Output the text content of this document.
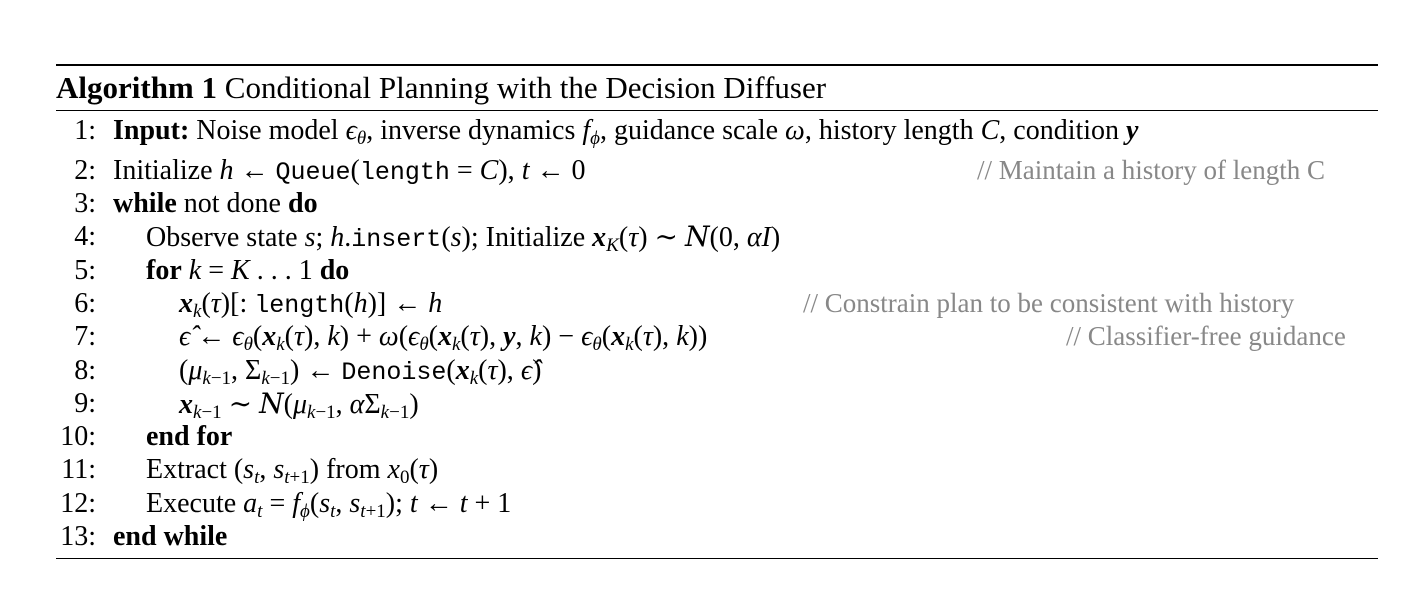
Algorithm 1 Conditional Planning with the Decision Diffuser
1: Input: Noise model $\epsilon_\theta$, inverse dynamics $f_\phi$, guidance scale ω, history length C, condition y
2: Initialize h ← Queue(length = C), t ← 0	// Maintain a history of length C
3: while not done do
4: Observe state s; h.insert(s); Initialize $x_K(\tau)$ ∼ N(0, αI)
5: for k = K . . . 1 do
6:	$x_k(\tau)$[: length(h)] ← h	// Constrain plan to be consistent with history
7:	ϵ̂ ← $\epsilon_\theta(x_k(\tau)$, $k) + \omega(\epsilon_\theta(x_k(\tau)$, y, $k) - \epsilon_\theta(x_k(\tau)$, k))	// Classifier-free guidance
8:	($\mu_{k-1}$, $\Sigma_{k-1}$) ← $Denoise(x_k(\tau)$, ϵ̂)
9:	$x_{k-1}$ ∼ $N(\mu_{k-1}$, $\alpha\Sigma_{k-1}$)
10: end for
11: Extract ($s_t$, $s_{t+1}$) from $x_0(\tau)$
12: Execute $a_t = f_\phi(s_t$, $s_{t+1}$); t ← t + 1
13: end while
